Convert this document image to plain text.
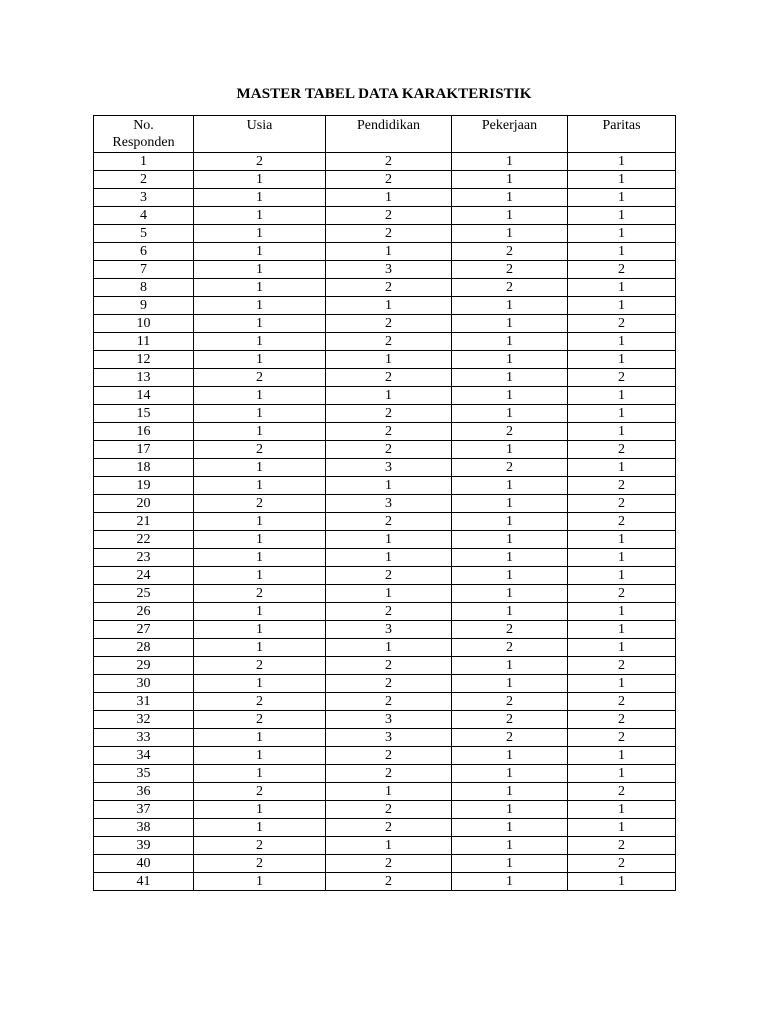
MASTER TABEL DATA KARAKTERISTIK
No.
Responden	Usia	Pendidikan	Pekerjaan	Paritas
1	2	2	1	1
2	1	2	1	1
3	1	1	1	1
4	1	2	1	1
5	1	2	1	1
6	1	1	2	1
7	1	3	2	2
8	1	2	2	1
9	1	1	1	1
10	1	2	1	2
11	1	2	1	1
12	1	1	1	1
13	2	2	1	2
14	1	1	1	1
15	1	2	1	1
16	1	2	2	1
17	2	2	1	2
18	1	3	2	1
19	1	1	1	2
20	2	3	1	2
21	1	2	1	2
22	1	1	1	1
23	1	1	1	1
24	1	2	1	1
25	2	1	1	2
26	1	2	1	1
27	1	3	2	1
28	1	1	2	1
29	2	2	1	2
30	1	2	1	1
31	2	2	2	2
32	2	3	2	2
33	1	3	2	2
34	1	2	1	1
35	1	2	1	1
36	2	1	1	2
37	1	2	1	1
38	1	2	1	1
39	2	1	1	2
40	2	2	1	2
41	1	2	1	1
